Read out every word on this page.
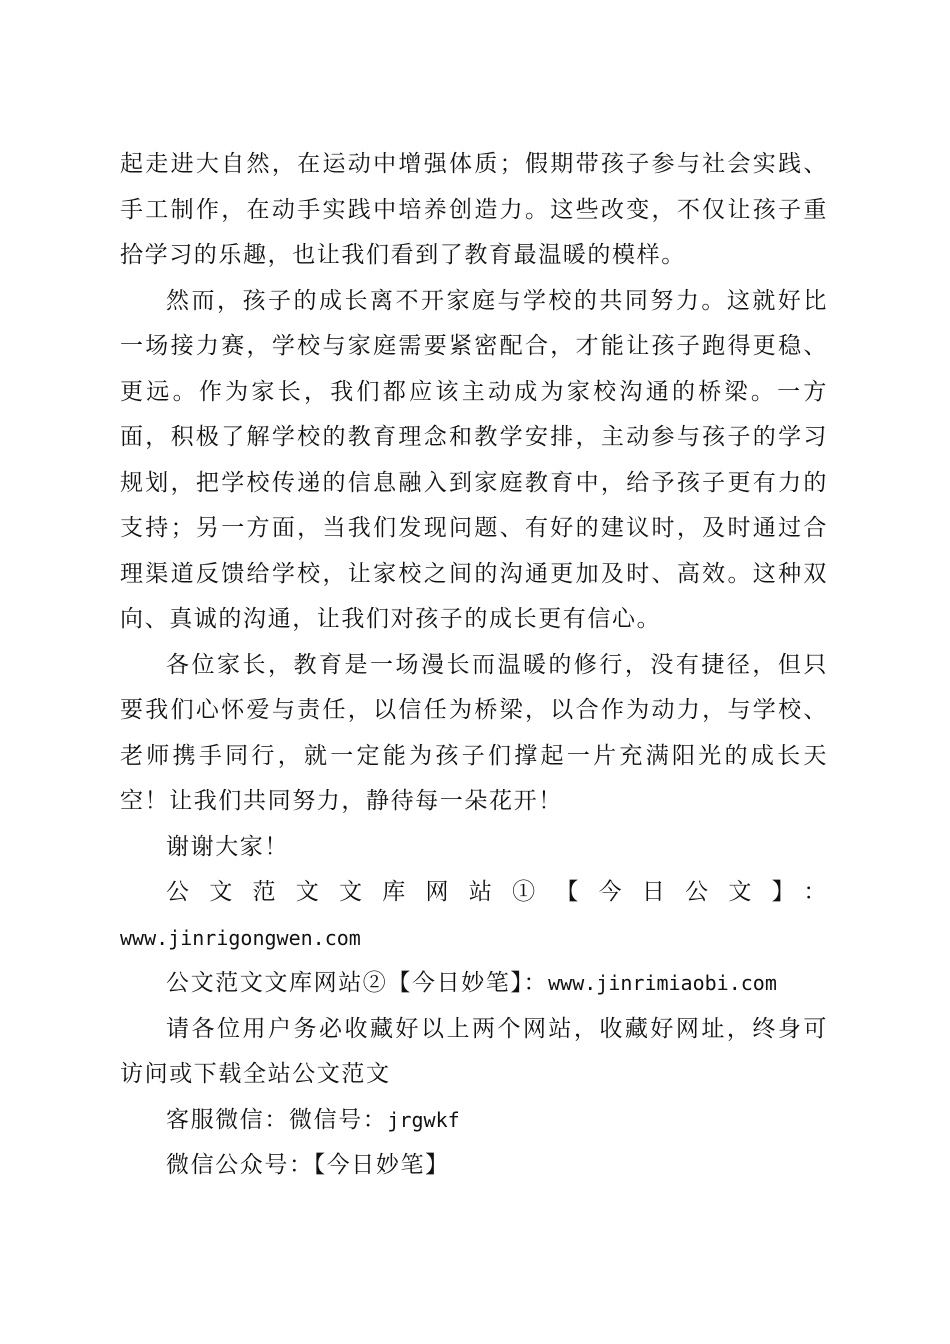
起走进大自然，在运动中增强体质；假期带孩子参与社会实践、手工制作，在动手实践中培养创造力。这些改变，不仅让孩子重拾学习的乐趣，也让我们看到了教育最温暖的模样。

然而，孩子的成长离不开家庭与学校的共同努力。这就好比一场接力赛，学校与家庭需要紧密配合，才能让孩子跑得更稳、更远。作为家长，我们都应该主动成为家校沟通的桥梁。一方面，积极了解学校的教育理念和教学安排，主动参与孩子的学习规划，把学校传递的信息融入到家庭教育中，给予孩子更有力的支持；另一方面，当我们发现问题、有好的建议时，及时通过合理渠道反馈给学校，让家校之间的沟通更加及时、高效。这种双向、真诚的沟通，让我们对孩子的成长更有信心。

各位家长，教育是一场漫长而温暖的修行，没有捷径，但只要我们心怀爱与责任，以信任为桥梁，以合作为动力，与学校、老师携手同行，就一定能为孩子们撑起一片充满阳光的成长天空！让我们共同努力，静待每一朵花开！

谢谢大家！

公文范文文库网站①【今日公文】：

www.jinrigongwen.com

公文范文文库网站②【今日妙笔】：www.jinrimiaobi.com

请各位用户务必收藏好以上两个网站，收藏好网址，终身可访问或下载全站公文范文

客服微信：微信号：jrgwkf

微信公众号：【今日妙笔】
